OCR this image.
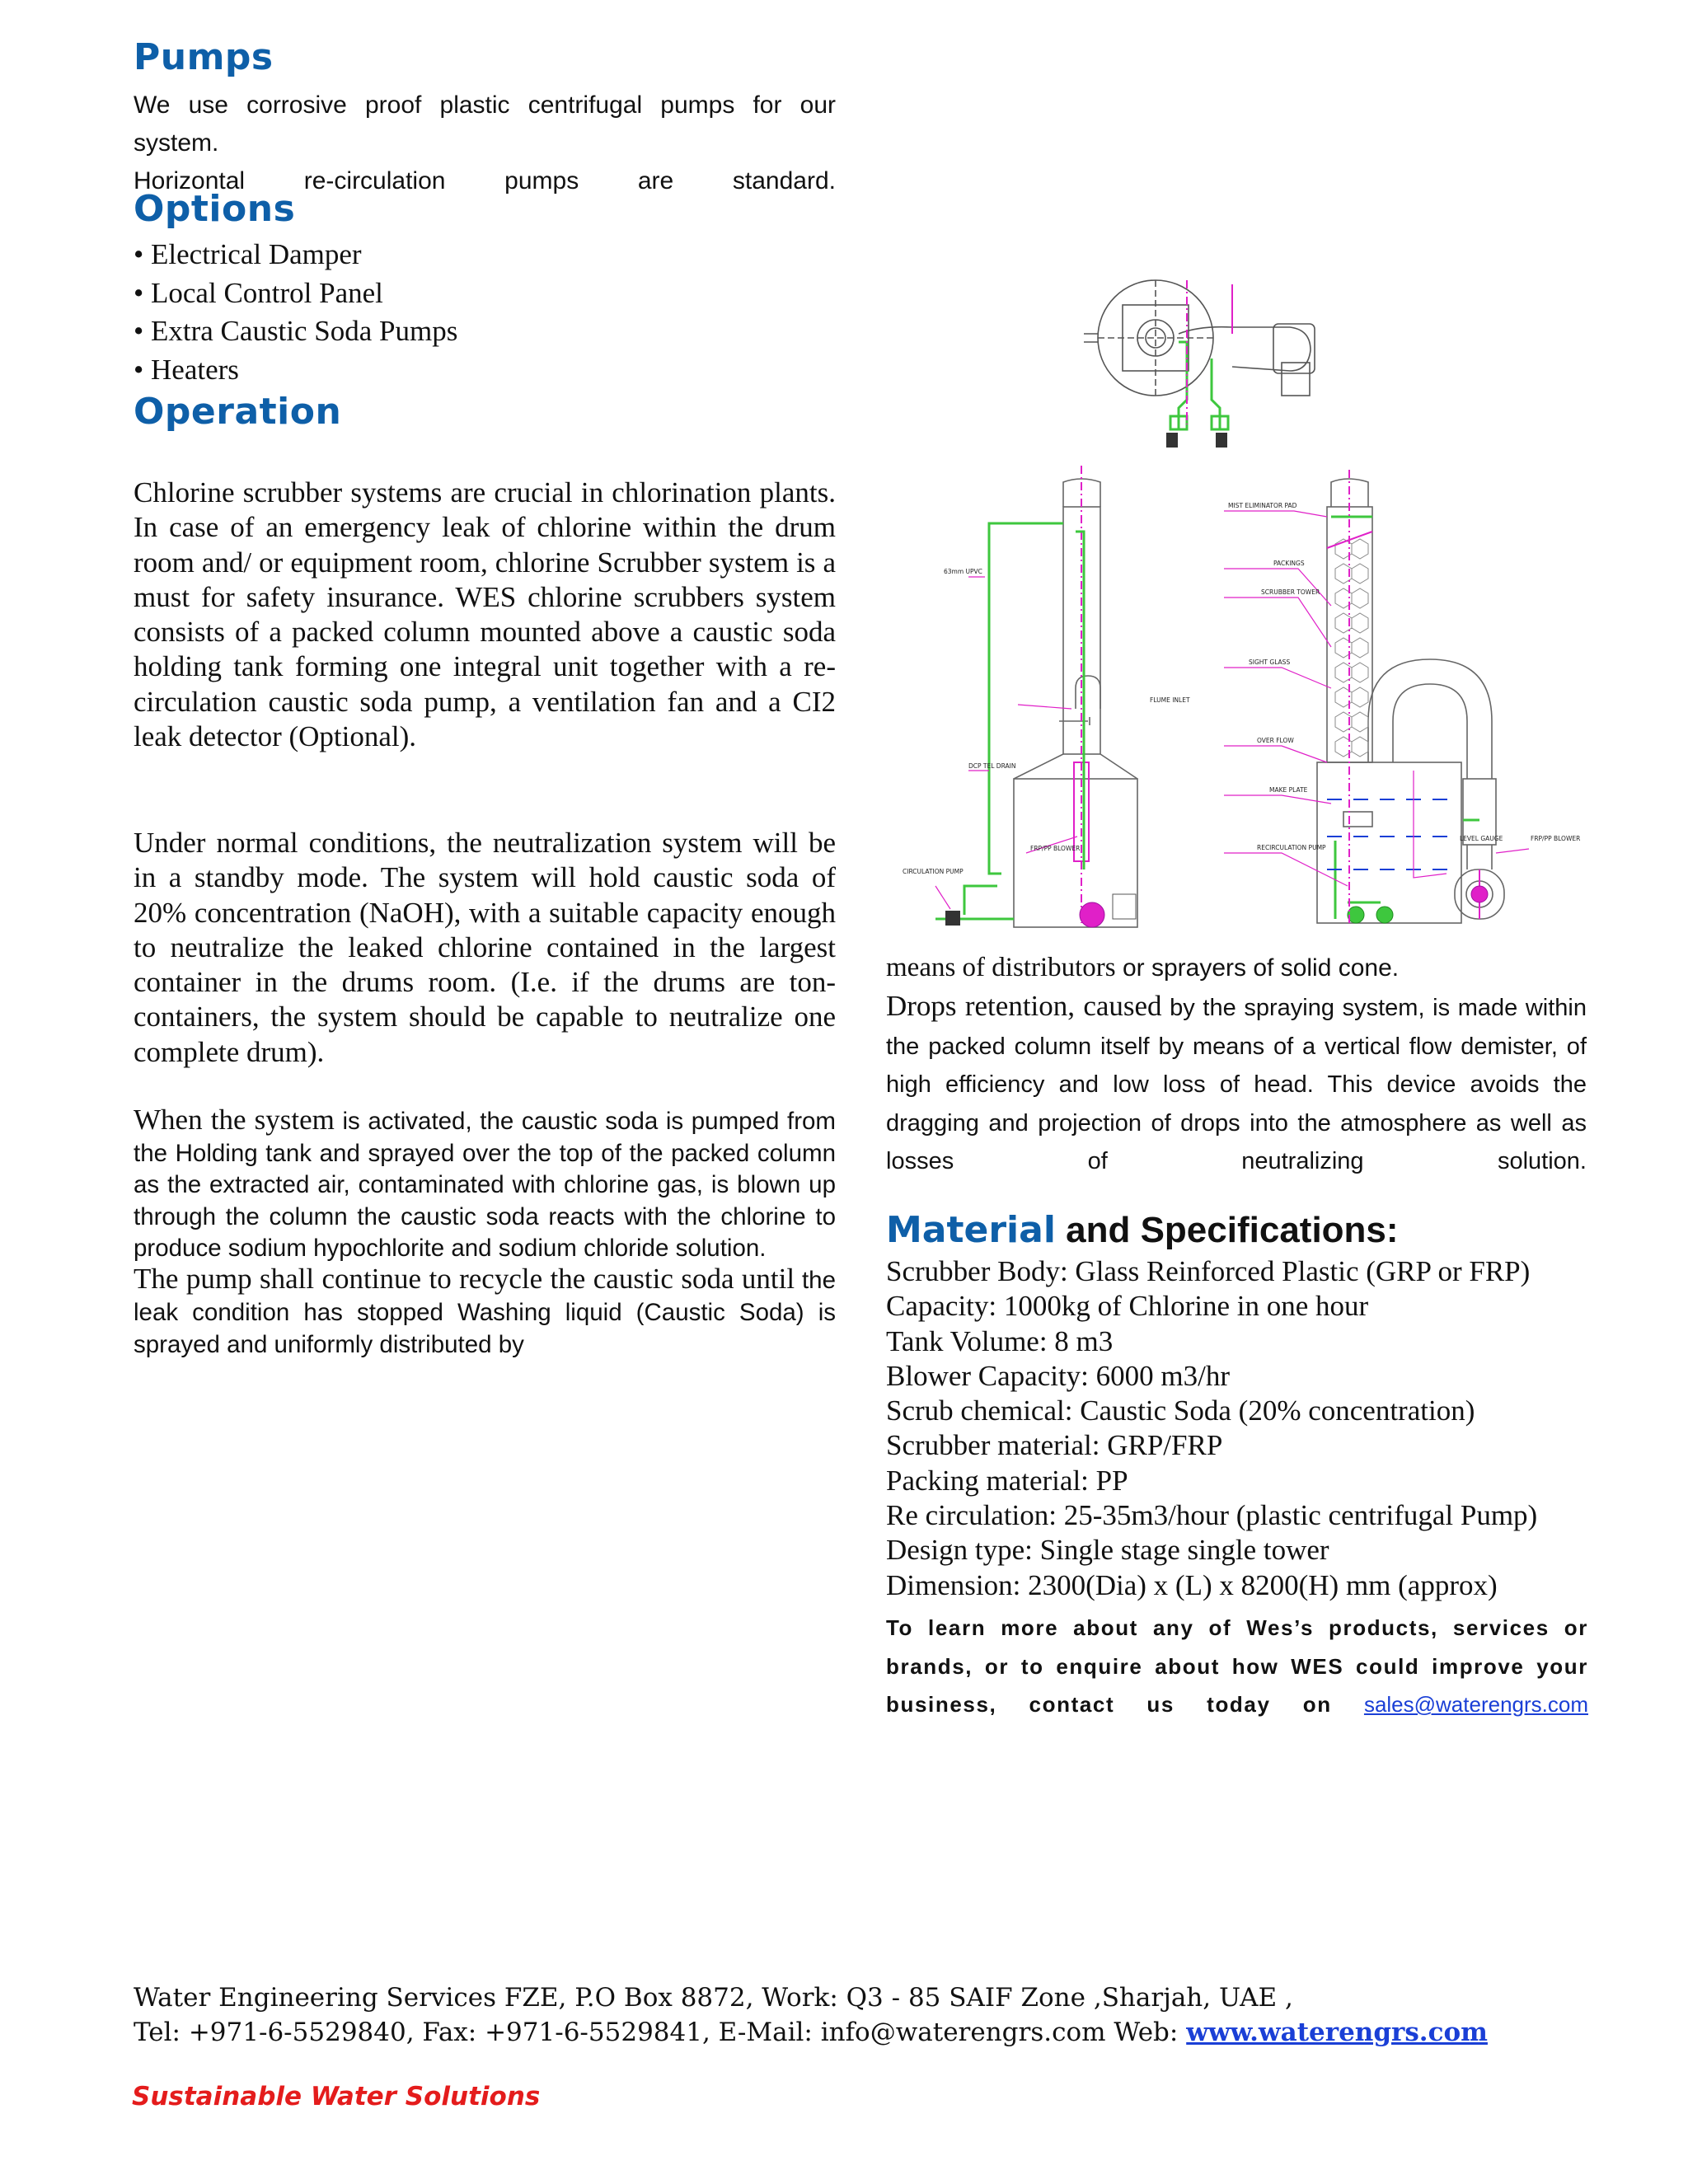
Pumps
We use corrosive proof plastic centrifugal pumps for our system.
Horizontal re-circulation pumps are standard.
Options
• Electrical Damper
• Local Control Panel
• Extra Caustic Soda Pumps
• Heaters
Operation

Chlorine scrubber systems are crucial in chlorination plants. In case of an emergency leak of chlorine within the drum room and/ or equipment room, chlorine Scrubber system is a must for safety insurance. WES chlorine scrubbers system consists of a packed column mounted above a caustic soda holding tank forming one integral unit together with a re-circulation caustic soda pump, a ventilation fan and a CI2 leak detector (Optional).

Under normal conditions, the neutralization system will be in a standby mode. The system will hold caustic soda of 20% concentration (NaOH), with a suitable capacity enough to neutralize the leaked chlorine contained in the largest container in the drums room. (I.e. if the drums are ton-containers, the system should be capable to neutralize one complete drum).

When the system is activated, the caustic soda is pumped from the Holding tank and sprayed over the top of the packed column as the extracted air, contaminated with chlorine gas, is blown up through the column the caustic soda reacts with the chlorine to produce sodium hypochlorite and sodium chloride solution.

The pump shall continue to recycle the caustic soda until the leak condition has stopped Washing liquid (Caustic Soda) is sprayed and uniformly distributed by

MIST ELIMINATOR PAD
PACKINGS
SCRUBBER TOWER
SIGHT GLASS
OVER FLOW
MAKE PLATE
RECIRCULATION PUMP
LEVEL GAUGE	FRP/PP BLOWER
FLUME INLET
63mm UPVC
DCP TEL DRAIN
FRP/PP BLOWER
CIRCULATION PUMP

means of distributors or sprayers of solid cone.

Drops retention, caused by the spraying system, is made within the packed column itself by means of a vertical flow demister, of high efficiency and low loss of head. This device avoids the dragging and projection of drops into the atmosphere as well as losses of neutralizing solution.

Material and Specifications:
Scrubber Body: Glass Reinforced Plastic (GRP or FRP)
Capacity: 1000kg of Chlorine in one hour
Tank Volume: 8 m3
Blower Capacity: 6000 m3/hr
Scrub chemical: Caustic Soda (20% concentration)
Scrubber material: GRP/FRP
Packing material: PP
Re circulation: 25-35m3/hour (plastic centrifugal Pump)
Design type: Single stage single tower
Dimension: 2300(Dia) x (L) x 8200(H) mm (approx)

To learn more about any of Wes’s products, services or brands, or to enquire about how WES could improve your business, contact us today on sales@waterengrs.com

Water Engineering Services FZE, P.O Box 8872, Work: Q3 - 85 SAIF Zone ,Sharjah, UAE ,
Tel: +971-6-5529840, Fax: +971-6-5529841, E-Mail: info@waterengrs.com Web: www.waterengrs.com
Sustainable Water Solutions
